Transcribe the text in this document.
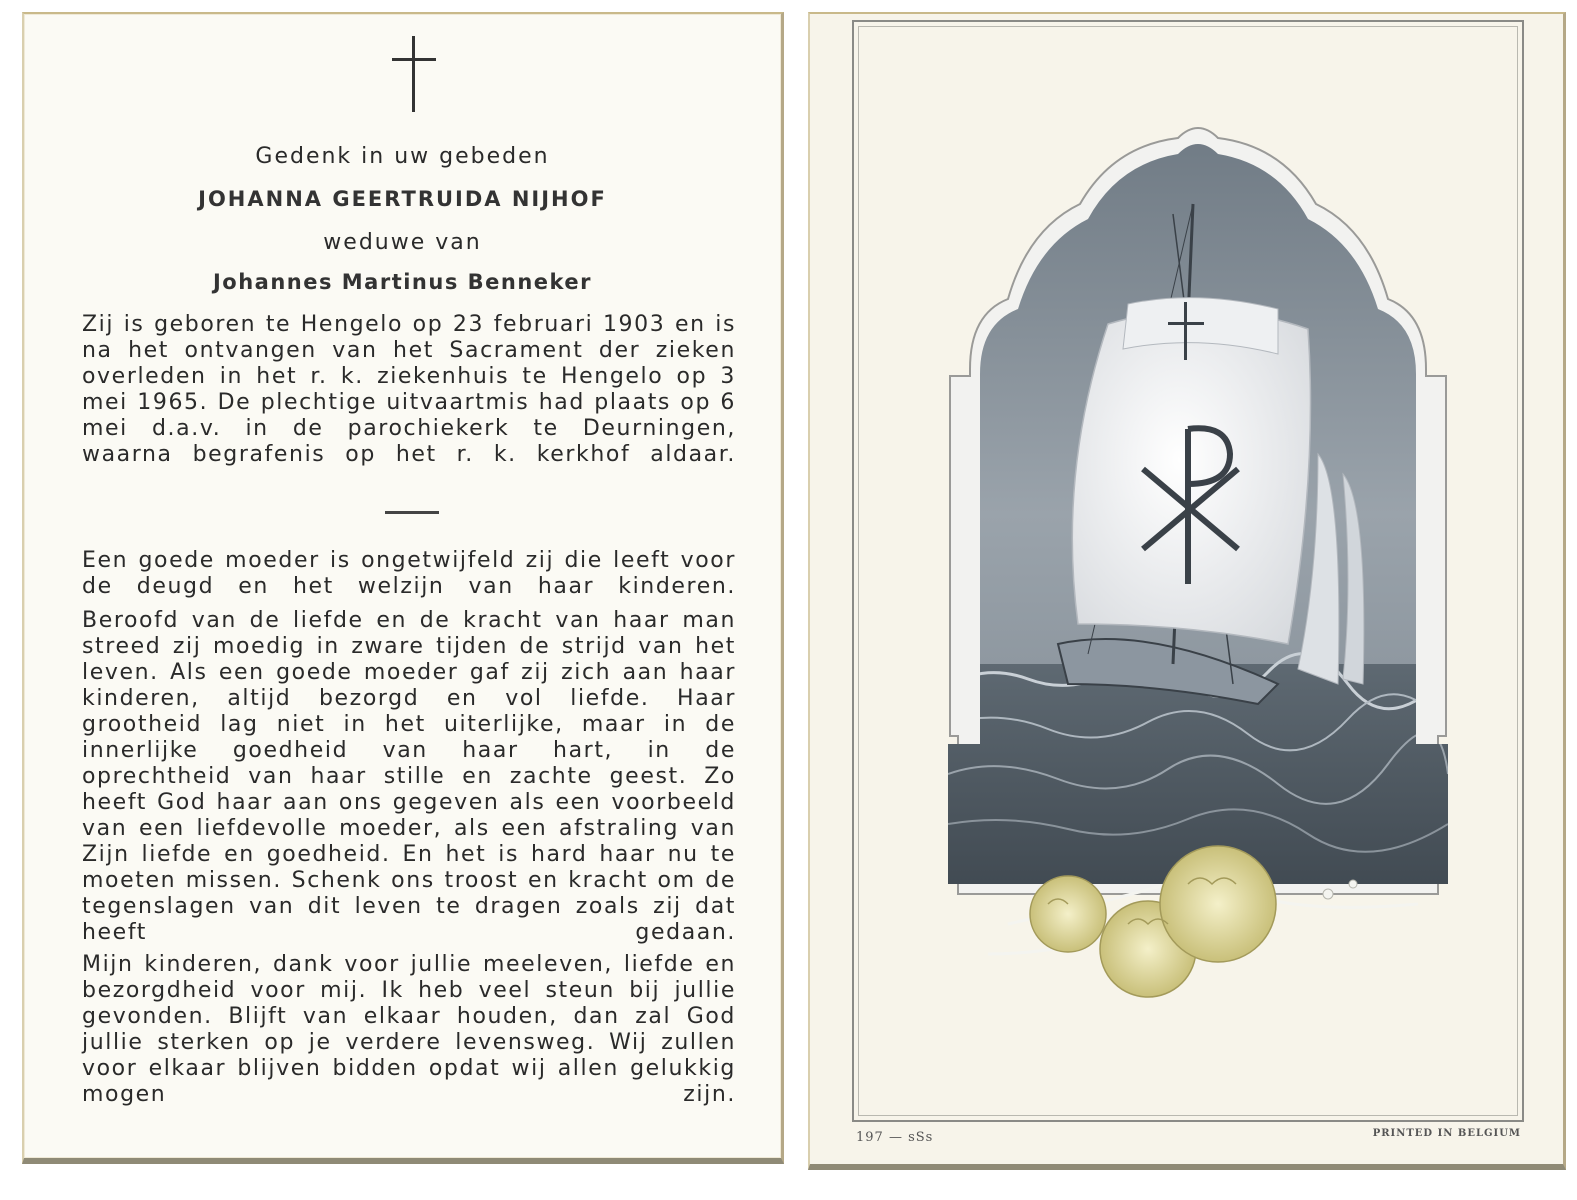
Gedenk in uw gebeden
JOHANNA GEERTRUIDA NIJHOF
weduwe van
Johannes Martinus Benneker

Zij is geboren te Hengelo op 23 februari 1903 en is na het ontvangen van het Sacrament der zieken overleden in het r. k. ziekenhuis te Hengelo op 3 mei 1965. De plechtige uitvaartmis had plaats op 6 mei d.a.v. in de parochiekerk te Deurningen, waarna begrafenis op het r. k. kerkhof aldaar.

Een goede moeder is ongetwijfeld zij die leeft voor de deugd en het welzijn van haar kinderen.

Beroofd van de liefde en de kracht van haar man streed zij moedig in zware tijden de strijd van het leven. Als een goede moeder gaf zij zich aan haar kinderen, altijd bezorgd en vol liefde. Haar grootheid lag niet in het uiterlijke, maar in de innerlijke goedheid van haar hart, in de oprechtheid van haar stille en zachte geest. Zo heeft God haar aan ons gegeven als een voorbeeld van een liefdevolle moeder, als een afstraling van Zijn liefde en goedheid. En het is hard haar nu te moeten missen. Schenk ons troost en kracht om de tegenslagen van dit leven te dragen zoals zij dat heeft gedaan.

Mijn kinderen, dank voor jullie meeleven, liefde en bezorgdheid voor mij. Ik heb veel steun bij jullie gevonden. Blijft van elkaar houden, dan zal God jullie sterken op je verdere levensweg. Wij zullen voor elkaar blijven bidden opdat wij allen gelukkig mogen zijn.

197 — sSs	PRINTED IN BELGIUM
